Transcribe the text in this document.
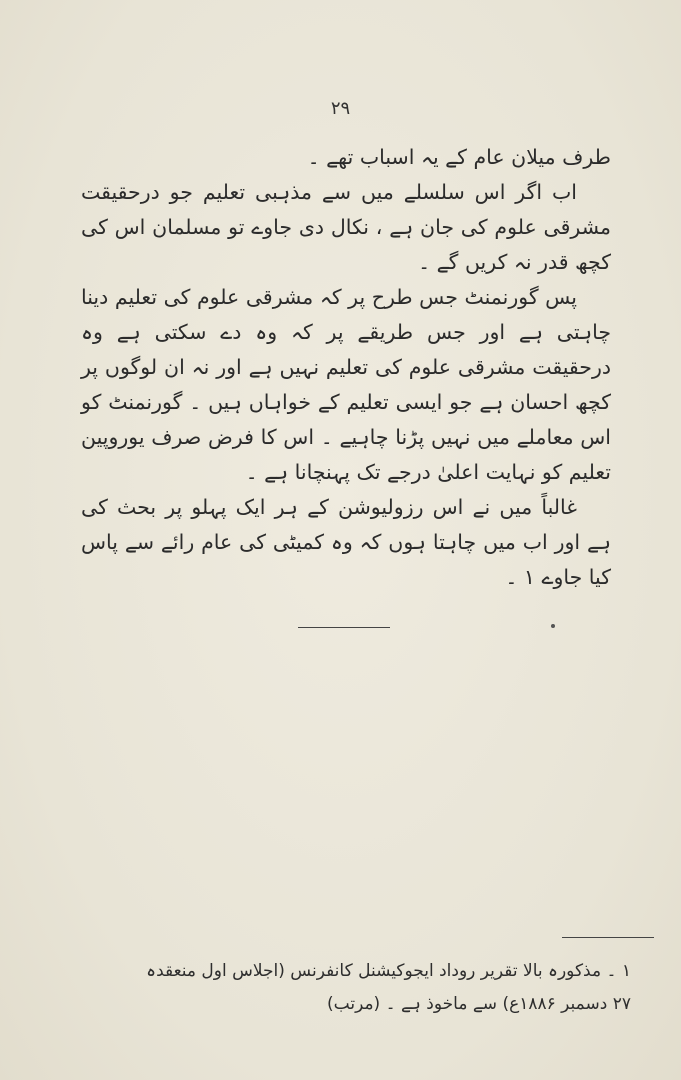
۲۹

طرف میلان عام کے یہ اسباب تھے ۔

اب اگر اس سلسلے میں سے مذہبی تعلیم جو درحقیقت مشرقی علوم کی جان ہے ، نکال دی جاوے تو مسلمان اس کی کچھ قدر نہ کریں گے ۔

پس گورنمنٹ جس طرح پر کہ مشرقی علوم کی تعلیم دینا چاہتی ہے اور جس طریقے پر کہ وہ دے سکتی ہے وہ درحقیقت مشرقی علوم کی تعلیم نہیں ہے اور نہ ان لوگوں پر کچھ احسان ہے جو ایسی تعلیم کے خواہاں ہیں ۔ گورنمنٹ کو اس معاملے میں نہیں پڑنا چاہیے ۔ اس کا فرض صرف یوروپین تعلیم کو نہایت اعلیٰ درجے تک پہنچانا ہے ۔

غالباً میں نے اس رزولیوشن کے ہر ایک پہلو پر بحث کی ہے اور اب میں چاہتا ہوں کہ وہ کمیٹی کی عام رائے سے پاس کیا جاوے ۱ ۔

۱ ۔ مذکورہ بالا تقریر روداد ایجوکیشنل کانفرنس (اجلاس اول منعقدہ

۲۷ دسمبر ۱۸۸۶ع) سے ماخوذ ہے ۔ (مرتب)
